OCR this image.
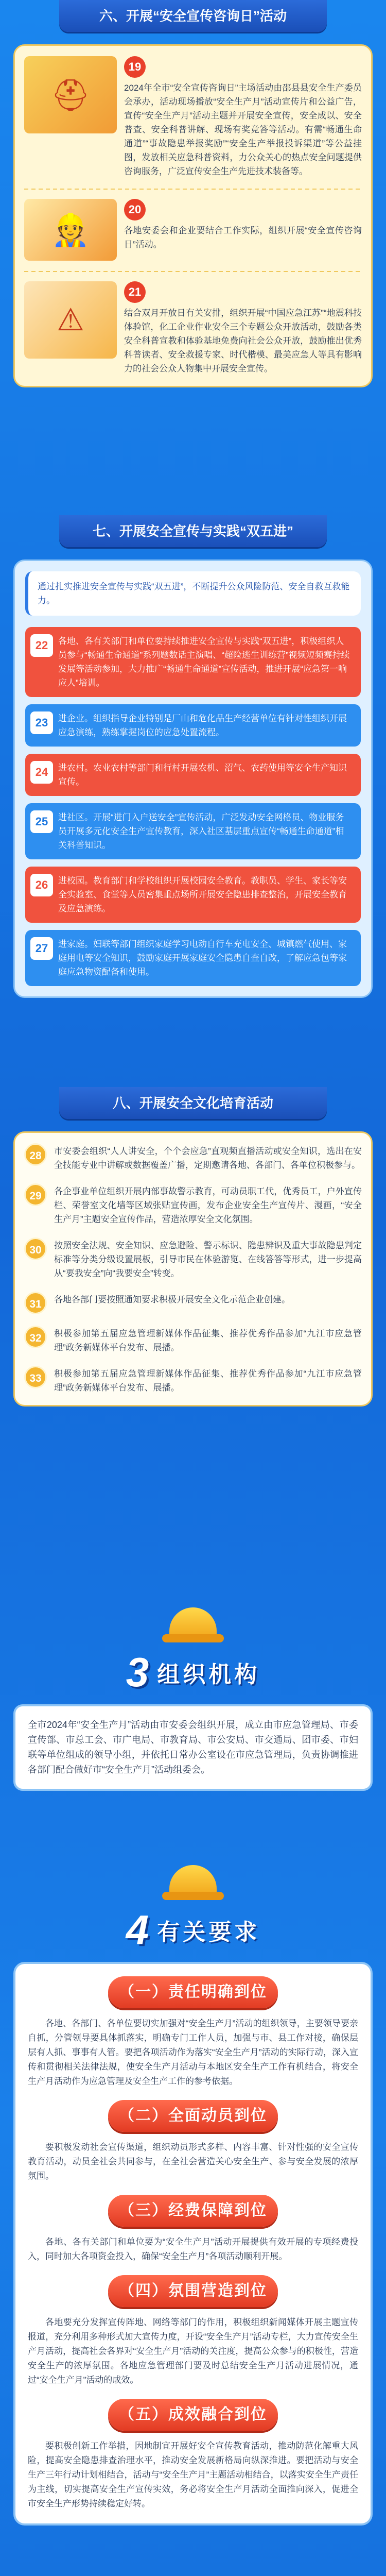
六、开展“安全宣传咨询日”活动
⛑
19

2024年全市“安全宣传咨询日”主场活动由邵县县安全生产委员会承办，活动现场播放“安全生产月”活动宣传片和公益广告，宣传“安全生产月”活动主题并开展安全宣传，安全成以、安全普查、安全科普讲解、现场有奖竞答等活动。有需“畅通生命通道”“事故隐患举报奖励”“安全生产举报投诉渠道”等公益挂图，发放相关应急科普资料，力公众关心的热点安全问题提供咨询服务，广泛宣传安全生产先进技术装备等。

👷
20

各地安委会和企业要结合工作实际，组织开展“安全宣传咨询日”活动。

⚠
21

结合双月开放日有关安排，组织开展“中国应急江苏”“地震科技体验馆，化工企业作业安全三个专题公众开放活动，鼓励各类安全科普宣教和体验基地免费向社会公众开放，鼓励推出优秀科普读者、安全救援专家、时代楷模、最美应急人等具有影响力的社会公众人物集中开展安全宣传。

七、开展安全宣传与实践“双五进”
通过扎实推进安全宣传与实践“双五进”，不断提升公众风险防范、安全自救互救能力。
22	各地、各有关部门和单位要持续推进安全宣传与实践“双五进”，积极组织人员参与“畅通生命通道”系列题数话主演唱、“超险逃生训练营”视频短频赛持续发展等活动参加，大力推广“畅通生命通道”宣传活动，推进开展“应急第一响应人”培训。
23	进企业。组织指导企业特别是厂山和危化品生产经营单位有针对性组织开展应急演练，熟练掌握岗位的应急处置流程。
24	进农村。农业农村等部门和行村开展农机、沼气、农药使用等安全生产知识宣传。
25	进社区。开展“进门入户送安全”宣传活动，广泛发动安全网格员、物业服务员开展多元化安全生产宣传教育，深入社区基层重点宣传“畅通生命通道”相关科普知识。
26	进校园。教育部门和学校组织开展校园安全教育。教职员、学生、家长等安全实验室、食堂等人员密集重点场所开展安全隐患排查整治，开展安全教育及应急演练。
27	进家庭。妇联等部门组织家庭学习电动自行车充电安全、城镇燃气使用、家庭用电等安全知识，鼓励家庭开展家庭安全隐患自查自改，了解应急包等家庭应急物资配备和使用。
八、开展安全文化培育活动
28	市安委会组织“人人讲安全，个个会应急”直观频直播活动或安全知识，选出在安全技能专业中讲解或数据覆盖广播，定期邀请各地、各部门、各单位积极参与。

29	各企事业单位组织开展内部事故警示教育，可动员职工代，优秀员工，户外宣传栏、荣誉室文化墙等区域张贴宣传画，发布企业安全生产宣传片、漫画，“安全生产月”主题安全宣传作品，营造浓厚安全文化氛围。

30	按照安全法规、安全知识、应急避险、警示标识、隐患辨识及重大事故隐患判定标准等分类分级设置展板，引导市民在体验游览、在线答答等形式，进一步提高从“要我安全”向“我要安全”转变。

31	各地各部门要按照通知要求积极开展安全文化示范企业创建。

32	积极参加第五届应急管理新媒体作品征集、推荐优秀作品参加“九江市应急管理”政务新媒体平台发布、展播。

33	积极参加第五届应急管理新媒体作品征集、推荐优秀作品参加“九江市应急管理”政务新媒体平台发布、展播。

3 组织机构
全市2024年“安全生产月”活动由市安委会组织开展，成立由市应急管理局、市委宣传部、市总工会、市广电局、市教育局、市公安局、市交通局、团市委、市妇联等单位组成的领导小组，并依托日常办公室设在市应急管理局，负责协调推进各部门配合做好市“安全生产月”活动组委会。
4 有关要求
（一）责任明确到位

各地、各部门、各单位要切实加强对“安全生产月”活动的组织领导，主要领导要亲自抓，分管领导要具体抓落实，明确专门工作人员，加强与市、县工作对接，确保层层有人抓、事事有人管。要把各项活动作为落实“安全生产月”活动的实际行动，深入宣传和贯彻相关法律法规，使安全生产月活动与本地区安全生产工作有机结合，将安全生产月活动作为应急管理及安全生产工作的参考依据。

（二）全面动员到位

要积极发动社会宣传渠道，组织动员形式多样、内容丰富、针对性强的安全宣传教育活动，动员全社会共同参与，在全社会营造关心安全生产、参与安全发展的浓厚氛围。

（三）经费保障到位

各地、各有关部门和单位要为“安全生产月”活动开展提供有效开展的专项经费投入，同时加大各项资金投入，确保“安全生产月”各项活动顺利开展。

（四）氛围营造到位

各地要充分发挥宣传阵地、网络等部门的作用，积极组织新闻媒体开展主题宣传报道，充分利用多种形式加大宣传力度，开设“安全生产月”活动专栏，大力宣传安全生产月活动，提高社会各界对“安全生产月”活动的关注度，提高公众参与的积极性，营造安全生产的浓厚氛围。各地应急管理部门要及时总结安全生产月活动进展情况，通过“安全生产月”活动的成效。

（五）成效融合到位

要积极创新工作举措，因地制宜开展好安全宣传教育活动，推动防范化解重大风险，提高安全隐患排查治理水平，推动安全发展新格局向纵深推进。要把活动与安全生产三年行动计划相结合，活动与“安全生产月”主题活动相结合，以落实安全生产责任为主线，切实提高安全生产宣传实效，务必将安全生产月活动全面推向深入，促进全市安全生产形势持续稳定好转。
